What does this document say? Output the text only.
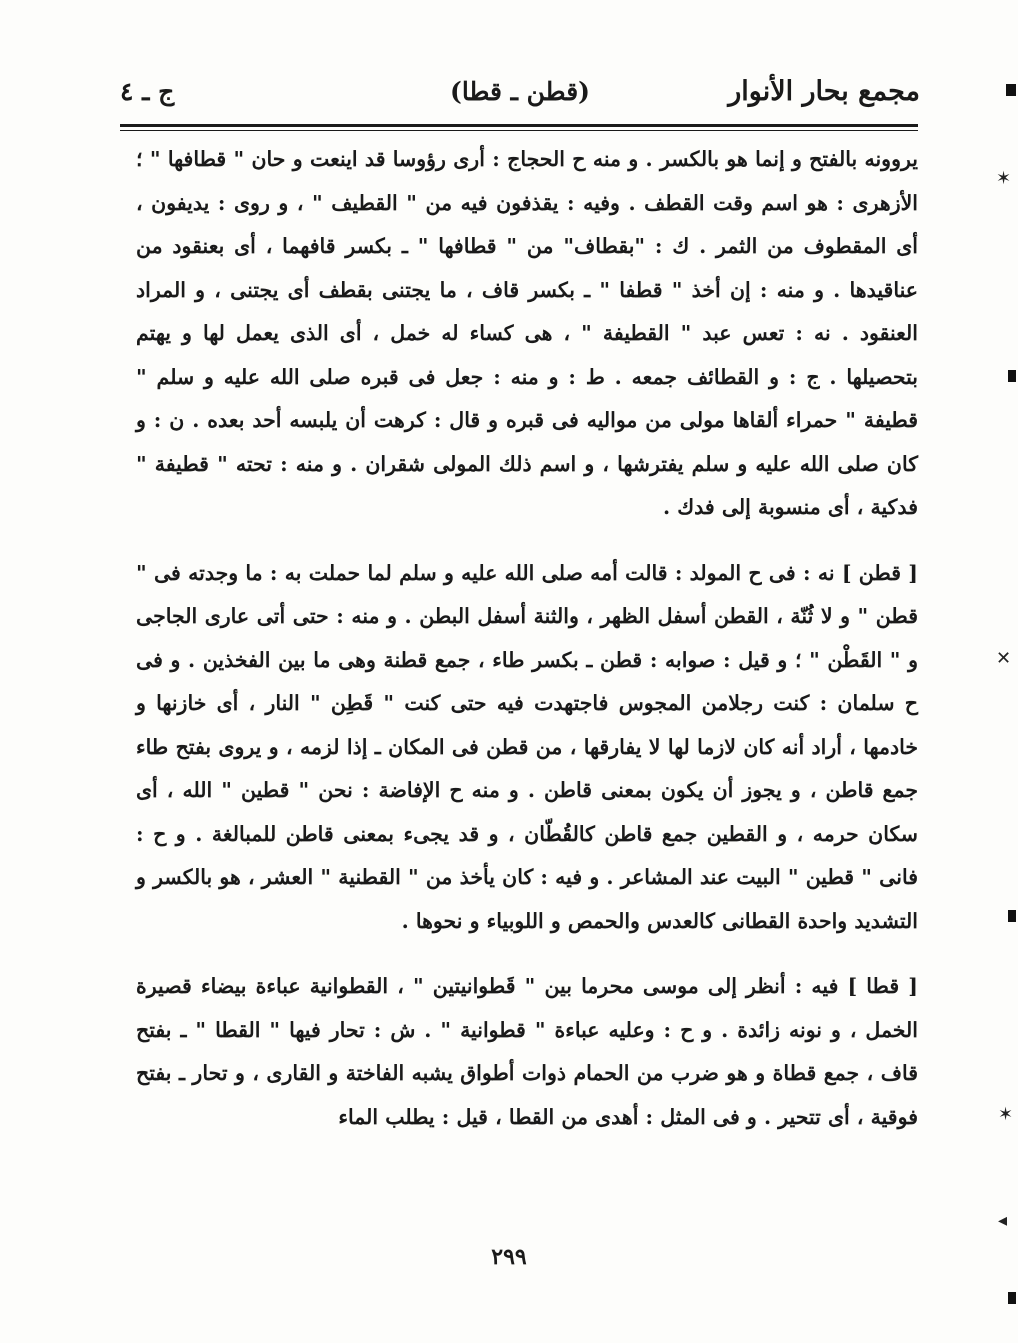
مجمع بحار الأنوار
(قطن ـ قطا)
ج ـ ٤

يروونه بالفتح و إنما هو بالكسر . و منه ح الحجاج : أرى رؤوسا قد اينعت و حان " قطافها " ؛ الأزهرى : هو اسم وقت القطف . وفيه : يقذفون فيه من " القطيف " ، و روى : يديفون ، أى المقطوف من الثمر . ك : "بقطاف" من " قطافها " ـ بكسر قافهما ، أى بعنقود من عناقيدها . و منه : إن أخذ " قطفا " ـ بكسر قاف ، ما يجتنى بقطف أى يجتنى ، و المراد العنقود . نه : تعس عبد " القطيفة " ، هى كساء له خمل ، أى الذى يعمل لها و يهتم بتحصيلها . ج : و القطائف جمعه . ط : و منه : جعل فى قبره صلى الله عليه و سلم " قطيفة " حمراء ألقاها مولى من مواليه فى قبره و قال : كرهت أن يلبسه أحد بعده . ن : و كان صلى الله عليه و سلم يفترشها ، و اسم ذلك المولى شقران . و منه : تحته " قطيفة " فدكية ، أى منسوبة إلى فدك .

[ قطن ] نه : فى ح المولد : قالت أمه صلى الله عليه و سلم لما حملت به : ما وجدته فى " قطن " و لا ثُنّة ، القطن أسفل الظهر ، والثنة أسفل البطن . و منه : حتى أتى عارى الجاجى و " القَطْن " ؛ و قيل : صوابه : قطن ـ بكسر طاء ، جمع قطنة وهى ما بين الفخذين . و فى ح سلمان : كنت رجلامن المجوس فاجتهدت فيه حتى كنت " قَطِن " النار ، أى خازنها و خادمها ، أراد أنه كان لازما لها لا يفارقها ، من قطن فى المكان ـ إذا لزمه ، و يروى بفتح طاء جمع قاطن ، و يجوز أن يكون بمعنى قاطن . و منه ح الإفاضة : نحن " قطين " الله ، أى سكان حرمه ، و القطين جمع قاطن كالقُطّان ، و قد يجىء بمعنى قاطن للمبالغة . و ح : فانى " قطين " البيت عند المشاعر . و فيه : كان يأخذ من " القطنية " العشر ، هو بالكسر و التشديد واحدة القطانى كالعدس والحمص و اللوبياء و نحوها .

[ قطا ] فيه : أنظر إلى موسى محرما بين " قَطوانيتين " ، القطوانية عباءة بيضاء قصيرة الخمل ، و نونه زائدة . و ح : وعليه عباءة " قطوانية " . ش : تحار فيها " القطا " ـ بفتح قاف ، جمع قطاة و هو ضرب من الحمام ذوات أطواق يشبه الفاختة و القارى ، و تحار ـ بفتح فوقية ، أى تتحير . و فى المثل : أهدى من القطا ، قيل : يطلب الماء

٢٩٩
✶
✕
✶
◂
